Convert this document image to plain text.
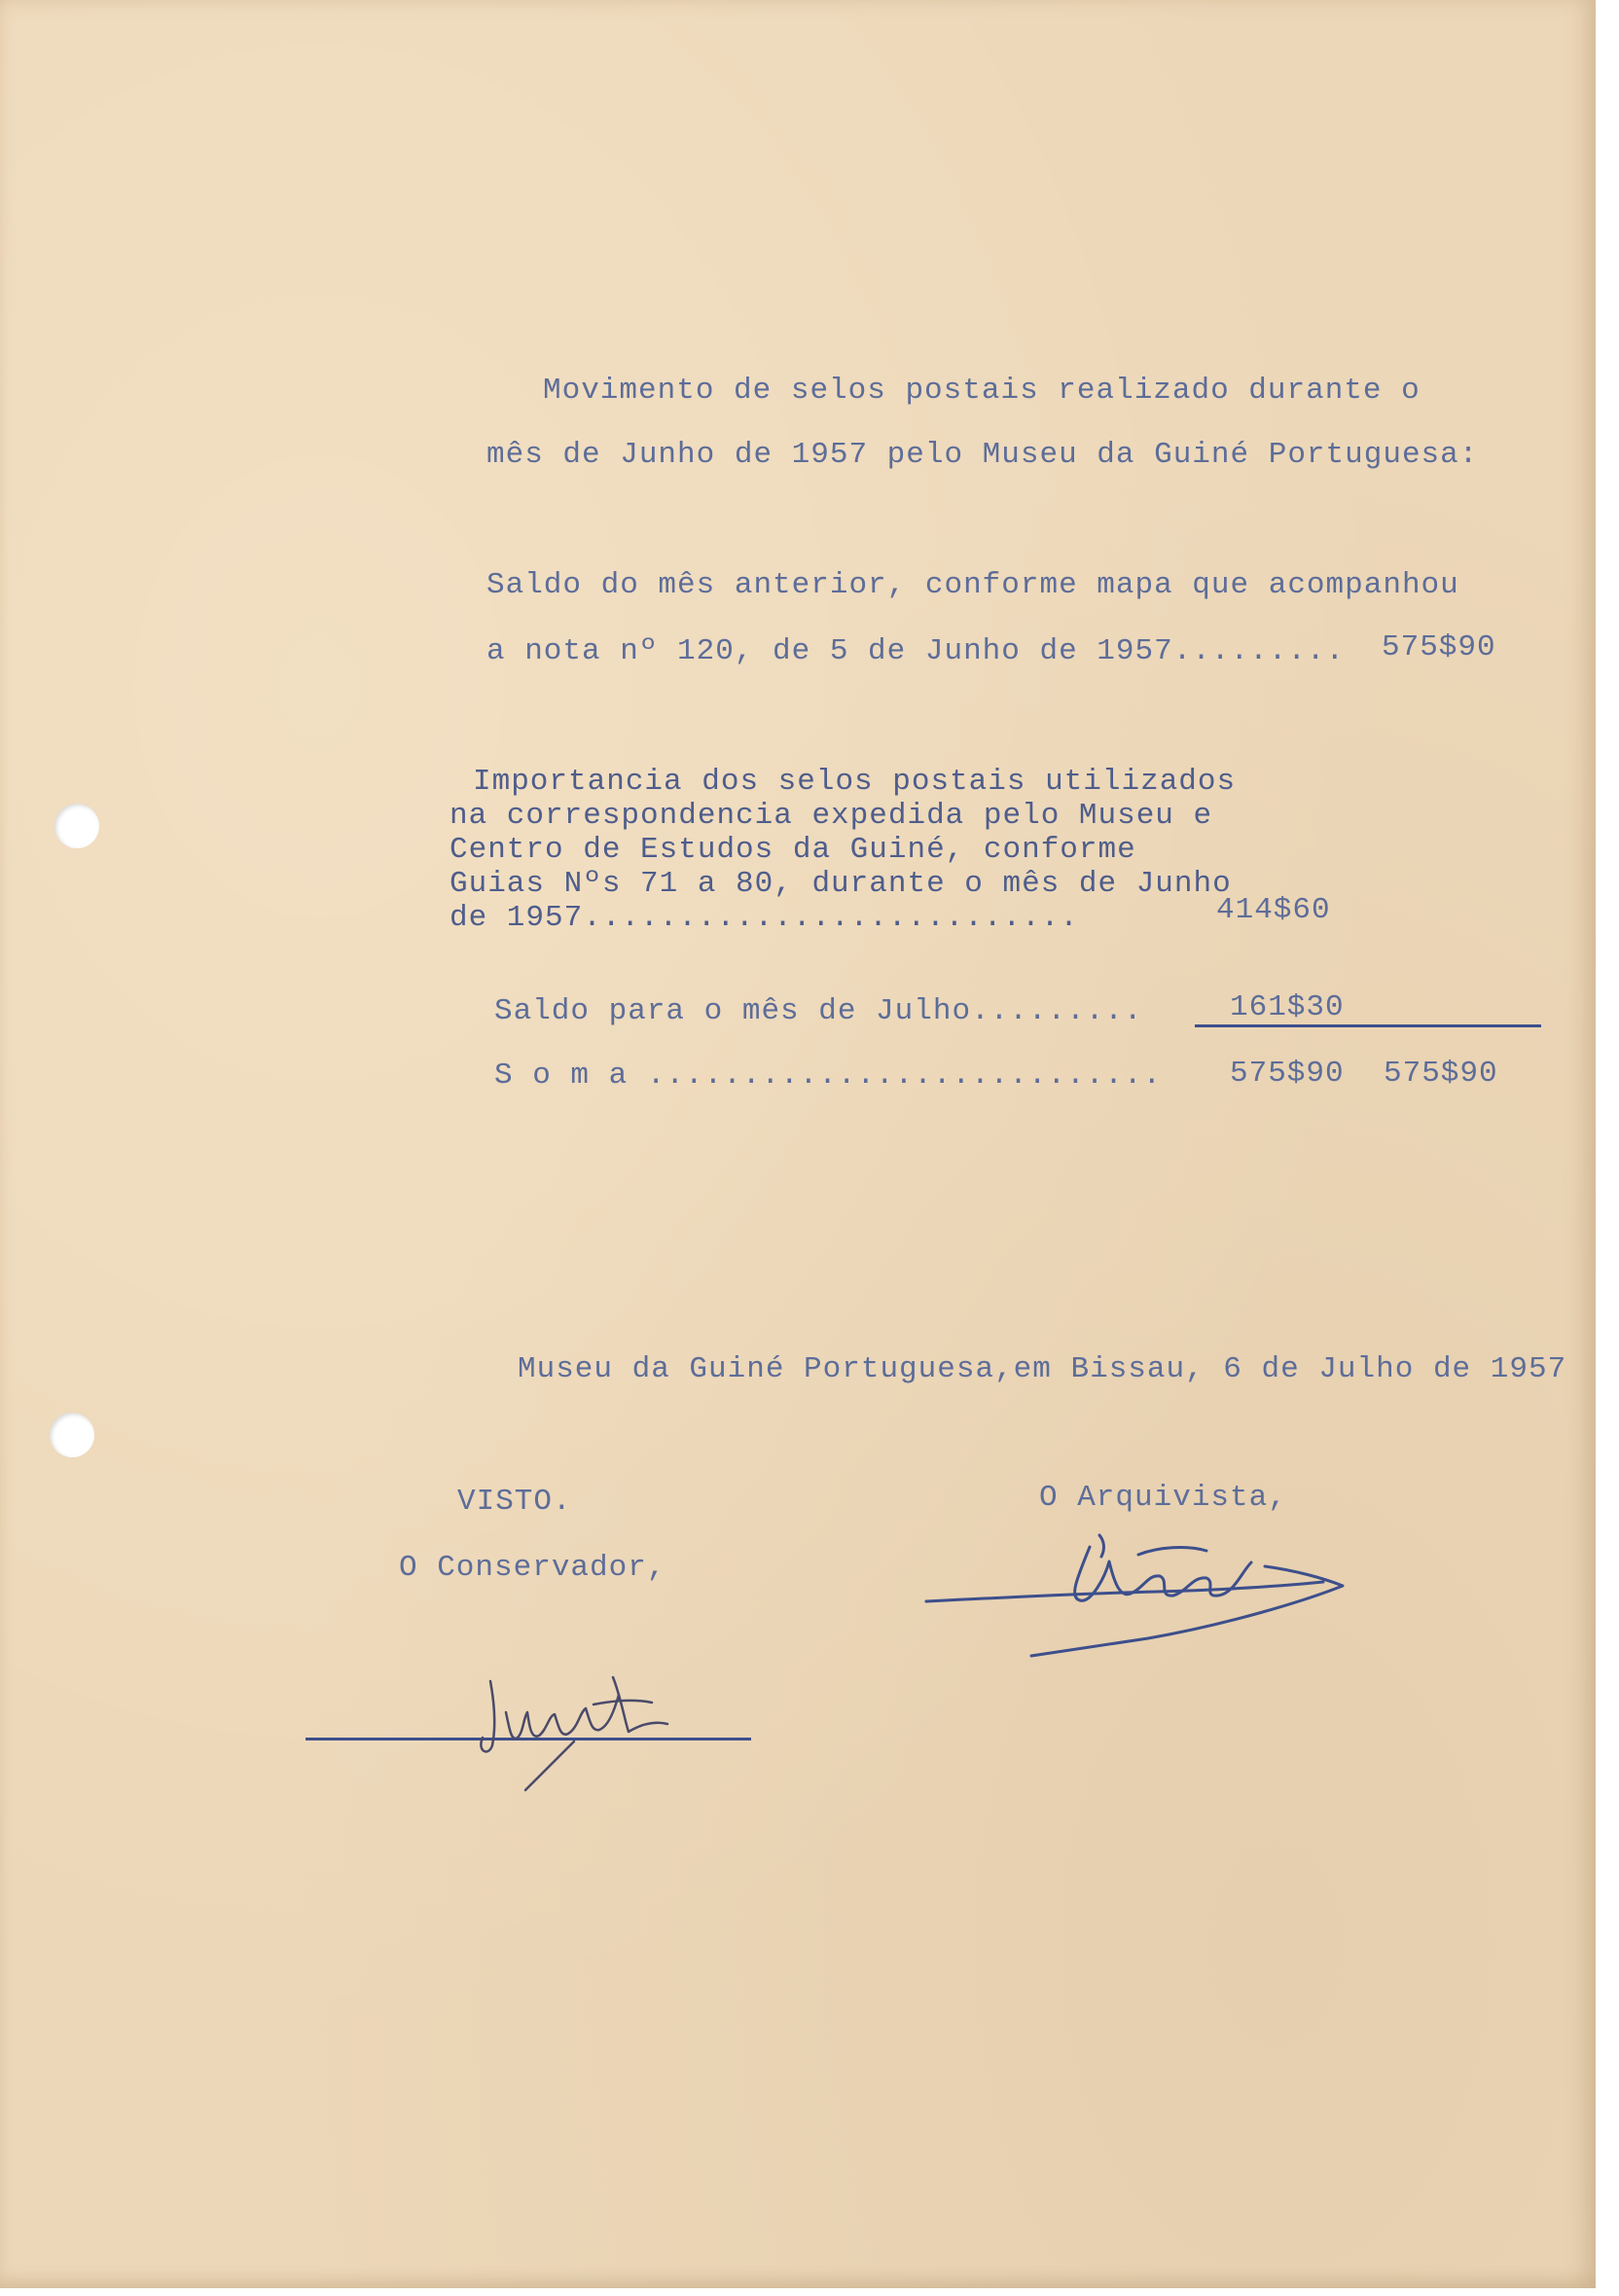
Movimento de selos postais realizado durante o
mês de Junho de 1957 pelo Museu da Guiné Portuguesa:
Saldo do mês anterior, conforme mapa que acompanhou
a nota nº 120, de 5 de Junho de 1957......... 575$90
Importancia dos selos postais utilizados
na correspondencia expedida pelo Museu e
Centro de Estudos da Guiné, conforme
Guias Nºs 71 a 80, durante o mês de Junho
de 1957..........................	414$60
Saldo para o mês de Julho.........	161$30
S o m a ........................... 575$90 575$90
Museu da Guiné Portuguesa,em Bissau, 6 de Julho de 1957
VISTO.
O Conservador,
O Arquivista,
